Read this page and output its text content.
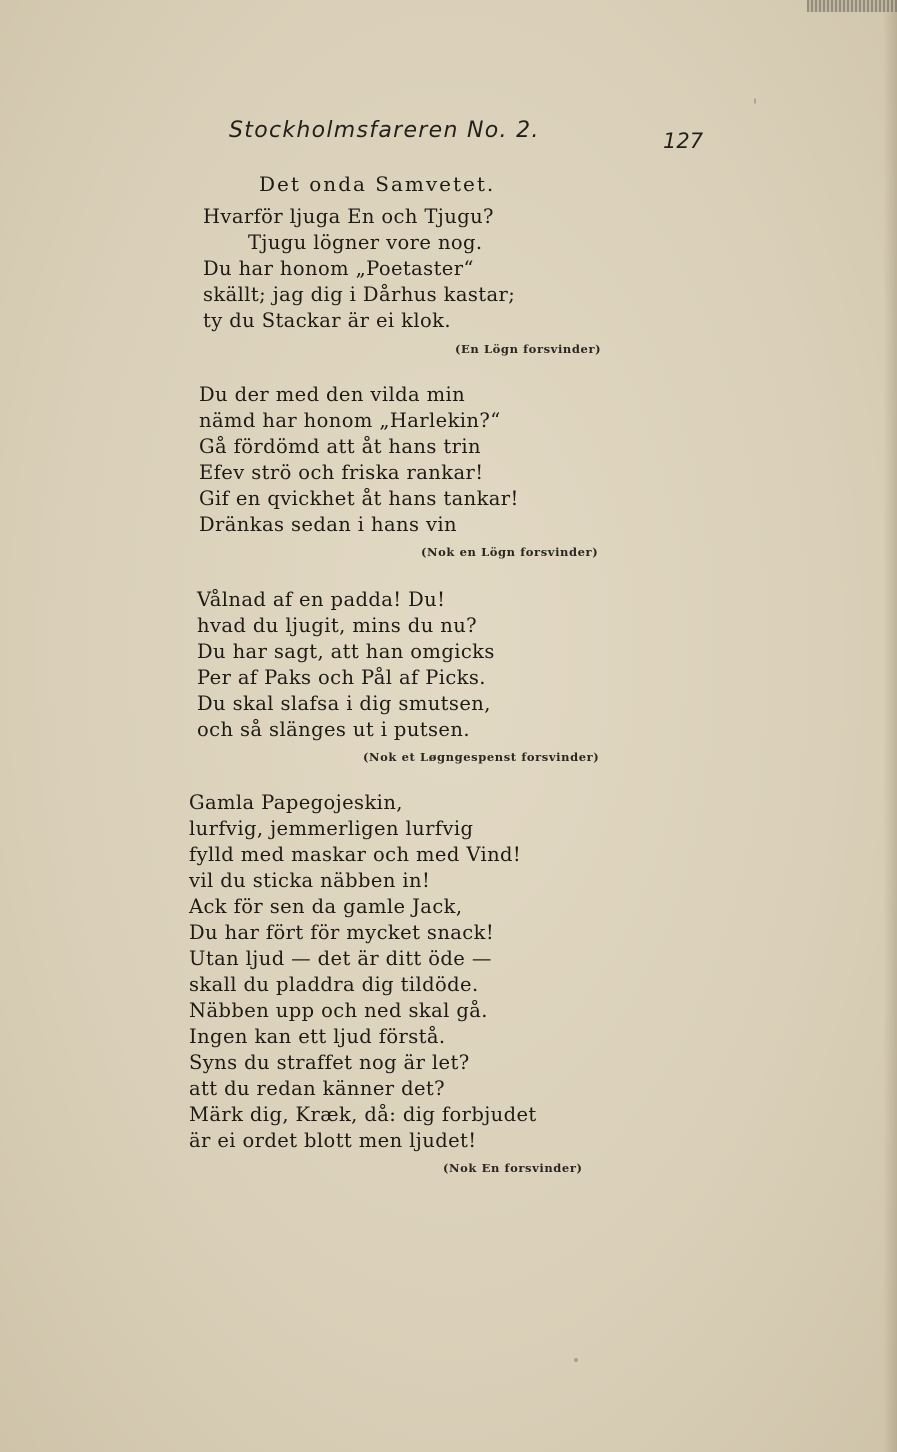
Stockholmsfareren No. 2.	127
Det onda Samvetet.
Hvarför ljuga En och Tjugu?
Tjugu lögner vore nog.
Du har honom „Poetaster“
skällt; jag dig i Dårhus kastar;
ty du Stackar är ei klok.
(En Lögn forsvinder)
Du der med den vilda min
nämd har honom „Harlekin?“
Gå fördömd att åt hans trin
Efev strö och friska rankar!
Gif en qvickhet åt hans tankar!
Dränkas sedan i hans vin
(Nok en Lögn forsvinder)
Vålnad af en padda! Du!
hvad du ljugit, mins du nu?
Du har sagt, att han omgicks
Per af Paks och Pål af Picks.
Du skal slafsa i dig smutsen,
och så slänges ut i putsen.
(Nok et Løgngespenst forsvinder)
Gamla Papegojeskin,
lurfvig, jemmerligen lurfvig
fylld med maskar och med Vind!
vil du sticka näbben in!
Ack för sen da gamle Jack,
Du har fört för mycket snack!
Utan ljud — det är ditt öde —
skall du pladdra dig tildöde.
Näbben upp och ned skal gå.
Ingen kan ett ljud förstå.
Syns du straffet nog är let?
att du redan känner det?
Märk dig, Kræk, då: dig forbjudet
är ei ordet blott men ljudet!
(Nok En forsvinder)
